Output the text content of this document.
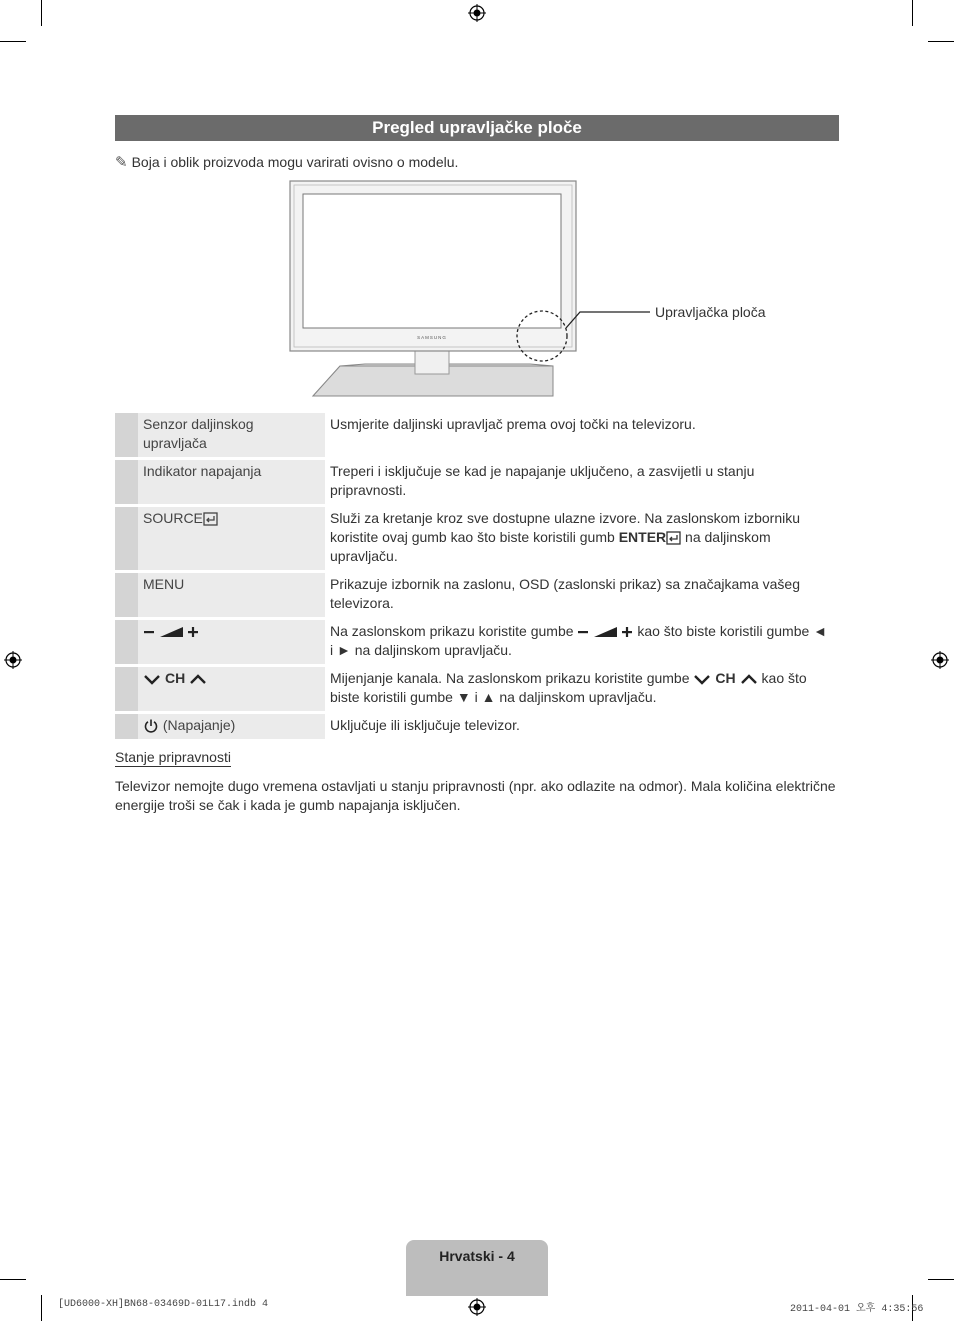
Pregled upravljačke ploče
✎ Boja i oblik proizvoda mogu varirati ovisno o modelu.
SAMSUNG
Upravljačka ploča
	Senzor daljinskog upravljača	Usmjerite daljinski upravljač prema ovoj točki na televizoru.
	Indikator napajanja	Treperi i isključuje se kad je napajanje uključeno, a zasvijetli u stanju pripravnosti.
	SOURCE	Služi za kretanje kroz sve dostupne ulazne izvore. Na zaslonskom izborniku koristite ovaj gumb kao što biste koristili gumb ENTER na daljinskom upravljaču.
	MENU	Prikazuje izbornik na zaslonu, OSD (zaslonski prikaz) sa značajkama vašeg televizora.
		Na zaslonskom prikazu koristite gumbe kao što biste koristili gumbe ◄ i ► na daljinskom upravljaču.
	CH	Mijenjanje kanala. Na zaslonskom prikazu koristite gumbe CH kao što biste koristili gumbe ▼ i ▲ na daljinskom upravljaču.
	(Napajanje)	Uključuje ili isključuje televizor.
Stanje pripravnosti
Televizor nemojte dugo vremena ostavljati u stanju pripravnosti (npr. ako odlazite na odmor). Mala količina električne energije troši se čak i kada je gumb napajanja isključen.
Hrvatski - 4
[UD6000-XH]BN68-03469D-01L17.indb 4	2011-04-01 오후 4:35:56
